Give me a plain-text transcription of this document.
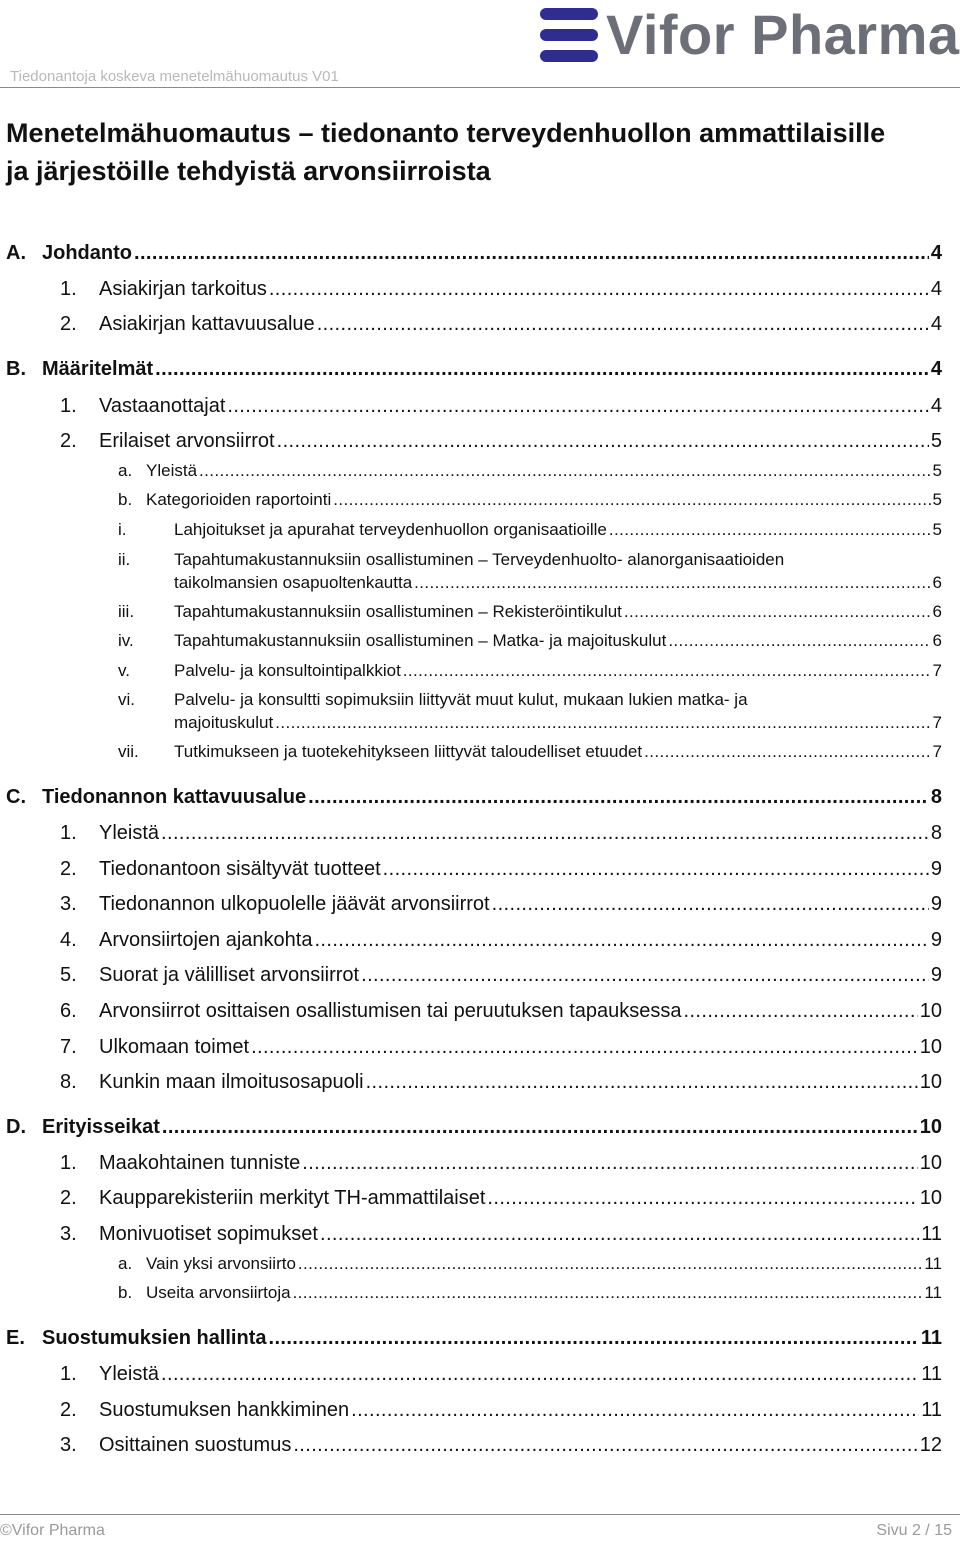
Tiedonantoja koskeva menetelmähuomautus V01
Vifor Pharma
Menetelmähuomautus – tiedonanto terveydenhuollon ammattilaisille
ja järjestöille tehdyistä arvonsiirroista
A. Johdanto .....	4
1.	Asiakirjan tarkoitus .....	4
2.	Asiakirjan kattavuusalue .....	4
B. Määritelmät .....	4
1.	Vastaanottajat .....	4
2.	Erilaiset arvonsiirrot .....	5
a. Yleistä .....	5
b. Kategorioiden raportointi .....	5
i.	Lahjoitukset ja apurahat terveydenhuollon organisaatioille .....	5
ii.	Tapahtumakustannuksiin osallistuminen – Terveydenhuolto- alanorganisaatioiden
taikolmansien osapuoltenkautta .....	6
iii.	Tapahtumakustannuksiin osallistuminen – Rekisteröintikulut .....	6
iv.	Tapahtumakustannuksiin osallistuminen – Matka- ja majoituskulut .....	6
v.	Palvelu- ja konsultointipalkkiot .....	7
vi.	Palvelu- ja konsultti sopimuksiin liittyvät muut kulut, mukaan lukien matka- ja
majoituskulut .....	7
vii.	Tutkimukseen ja tuotekehitykseen liittyvät taloudelliset etuudet .....	7
C. Tiedonannon kattavuusalue .....	8
1.	Yleistä .....	8
2.	Tiedonantoon sisältyvät tuotteet .....	9
3.	Tiedonannon ulkopuolelle jäävät arvonsiirrot .....	9
4.	Arvonsiirtojen ajankohta .....	9
5.	Suorat ja välilliset arvonsiirrot .....	9
6.	Arvonsiirrot osittaisen osallistumisen tai peruutuksen tapauksessa .....	10
7.	Ulkomaan toimet .....	10
8.	Kunkin maan ilmoitusosapuoli .....	10
D. Erityisseikat .....	10
1.	Maakohtainen tunniste .....	10
2.	Kaupparekisteriin merkityt TH-ammattilaiset .....	10
3.	Monivuotiset sopimukset .....	11
a. Vain yksi arvonsiirto .....	11
b. Useita arvonsiirtoja .....	11
E. Suostumuksien hallinta .....	11
1.	Yleistä .....	11
2.	Suostumuksen hankkiminen .....	11
3.	Osittainen suostumus .....	12
©Vifor Pharma	Sivu 2 / 15
